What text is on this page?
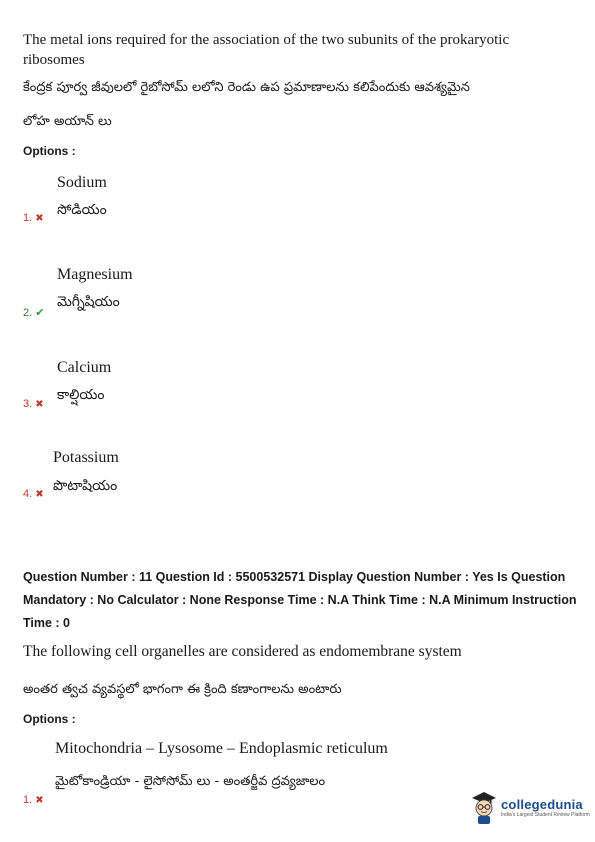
The metal ions required for the association of the two subunits of the prokaryotic
ribosomes
కేంద్రక పూర్వ జీవులలో రైబోసోమ్ లలోని రెండు ఉప ప్రమాణాలను కలిపేందుకు ఆవశ్యమైన
లోహ అయాన్ లు
Options :
Sodium
సోడియం
1. ✖
Magnesium
మెగ్నీషియం
2. ✔
Calcium
కాల్షియం
3. ✖
Potassium
పొటాషియం
4. ✖
Question Number : 11 Question Id : 5500532571 Display Question Number : Yes Is Question
Mandatory : No Calculator : None Response Time : N.A Think Time : N.A Minimum Instruction
Time : 0
The following cell organelles are considered as endomembrane system
అంతర త్వచ వ్యవస్థలో భాగంగా ఈ క్రింది కణాంగాలను అంటారు
Options :
Mitochondria – Lysosome – Endoplasmic reticulum
మైటోకాండ్రియా - లైసోసోమ్ లు - అంతర్జీవ ద్రవ్యజాలం
1. ✖	collegedunia
India's Largest Student Review Platform
